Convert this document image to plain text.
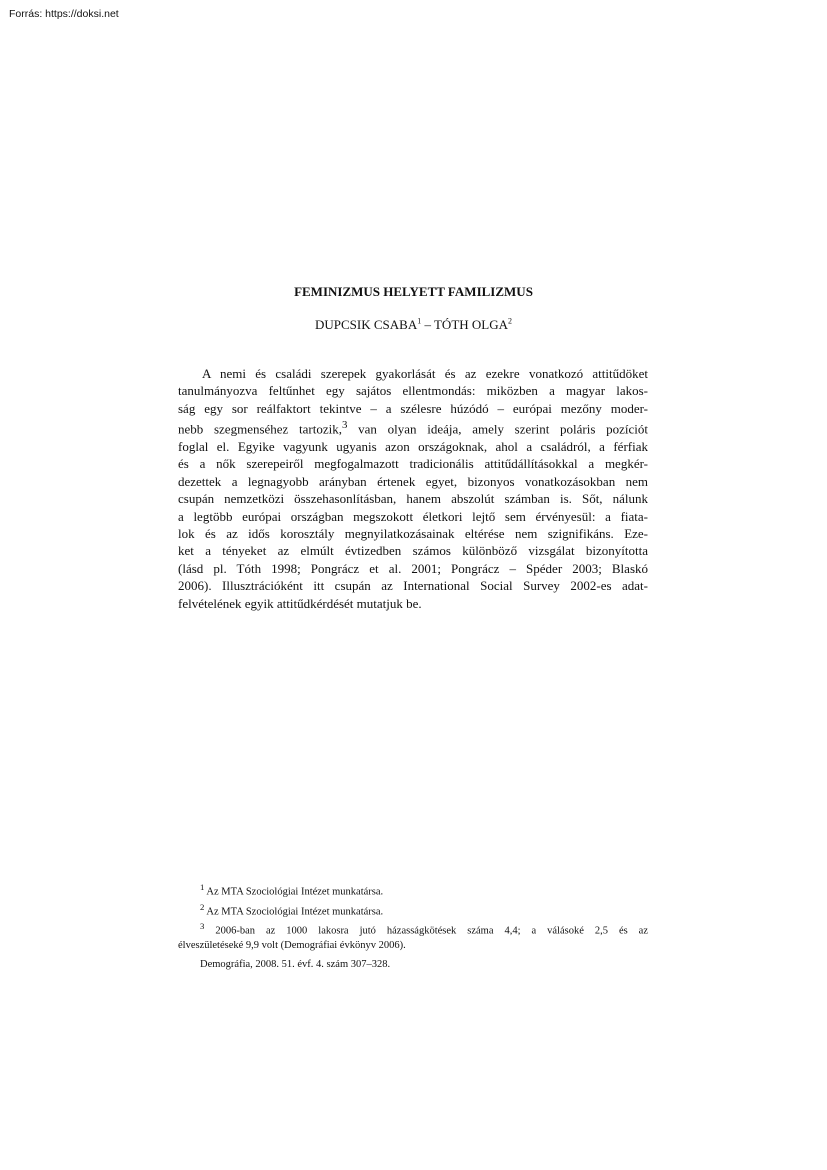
Forrás: https://doksi.net
FEMINIZMUS HELYETT FAMILIZMUS
DUPCSIK CSABA$^1$ – TÓTH OLGA$^2$
A nemi és családi szerepek gyakorlását és az ezekre vonatkozó attitűdöket
tanulmányozva feltűnhet egy sajátos ellentmondás: miközben a magyar lakos-
ság egy sor reálfaktort tekintve – a szélesre húzódó – európai mezőny moder-
nebb szegmenséhez tartozik,$^3$ van olyan ideája, amely szerint poláris pozíciót
foglal el. Egyike vagyunk ugyanis azon országoknak, ahol a családról, a férfiak
és a nők szerepeiről megfogalmazott tradicionális attitűdállításokkal a megkér-
dezettek a legnagyobb arányban értenek egyet, bizonyos vonatkozásokban nem
csupán nemzetközi összehasonlításban, hanem abszolút számban is. Sőt, nálunk
a legtöbb európai országban megszokott életkori lejtő sem érvényesül: a fiata-
lok és az idős korosztály megnyilatkozásainak eltérése nem szignifikáns. Eze-
ket a tényeket az elmúlt évtizedben számos különböző vizsgálat bizonyította
(lásd pl. Tóth 1998; Pongrácz et al. 2001; Pongrácz – Spéder 2003; Blaskó
2006). Illusztrációként itt csupán az International Social Survey 2002-es adat-
felvételének egyik attitűdkérdését mutatjuk be.
$^1$ Az MTA Szociológiai Intézet munkatársa.
$^2$ Az MTA Szociológiai Intézet munkatársa.
$^3$ 2006-ban az 1000 lakosra jutó házasságkötések száma 4,4; a válásoké 2,5 és az
élveszületéseké 9,9 volt (Demográfiai évkönyv 2006).
Demográfia, 2008. 51. évf. 4. szám 307–328.
